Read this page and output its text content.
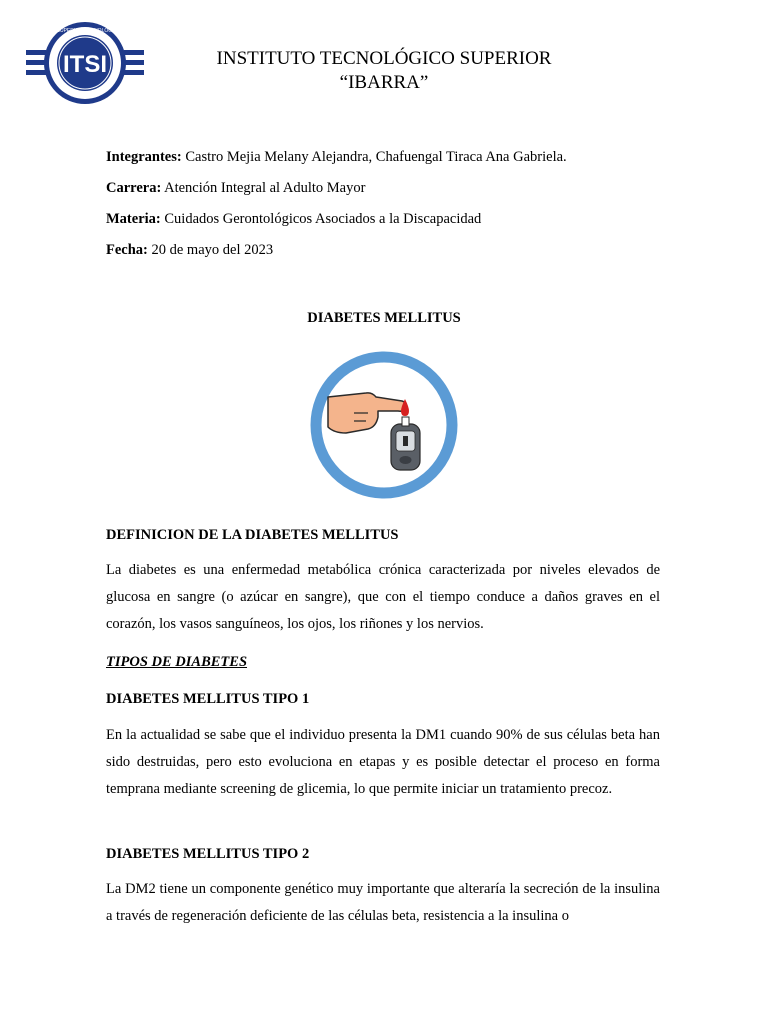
ITSI
INSTITUTO SUPERIOR TECNOLÓGICO IBARRA
INSTITUTO TECNOLÓGICO SUPERIOR
“IBARRA”
Integrantes: Castro Mejia Melany Alejandra, Chafuengal Tiraca Ana Gabriela.
Carrera: Atención Integral al Adulto Mayor
Materia: Cuidados Gerontológicos Asociados a la Discapacidad
Fecha: 20 de mayo del 2023
DIABETES MELLITUS
DEFINICION DE LA DIABETES MELLITUS
La diabetes es una enfermedad metabólica crónica caracterizada por niveles elevados de glucosa en sangre (o azúcar en sangre), que con el tiempo conduce a daños graves en el corazón, los vasos sanguíneos, los ojos, los riñones y los nervios.
TIPOS DE DIABETES
DIABETES MELLITUS TIPO 1
En la actualidad se sabe que el individuo presenta la DM1 cuando 90% de sus células beta han sido destruidas, pero esto evoluciona en etapas y es posible detectar el proceso en forma temprana mediante screening de glicemia, lo que permite iniciar un tratamiento precoz.
DIABETES MELLITUS TIPO 2
La DM2 tiene un componente genético muy importante que alteraría la secreción de la insulina a través de regeneración deficiente de las células beta, resistencia a la insulina o
